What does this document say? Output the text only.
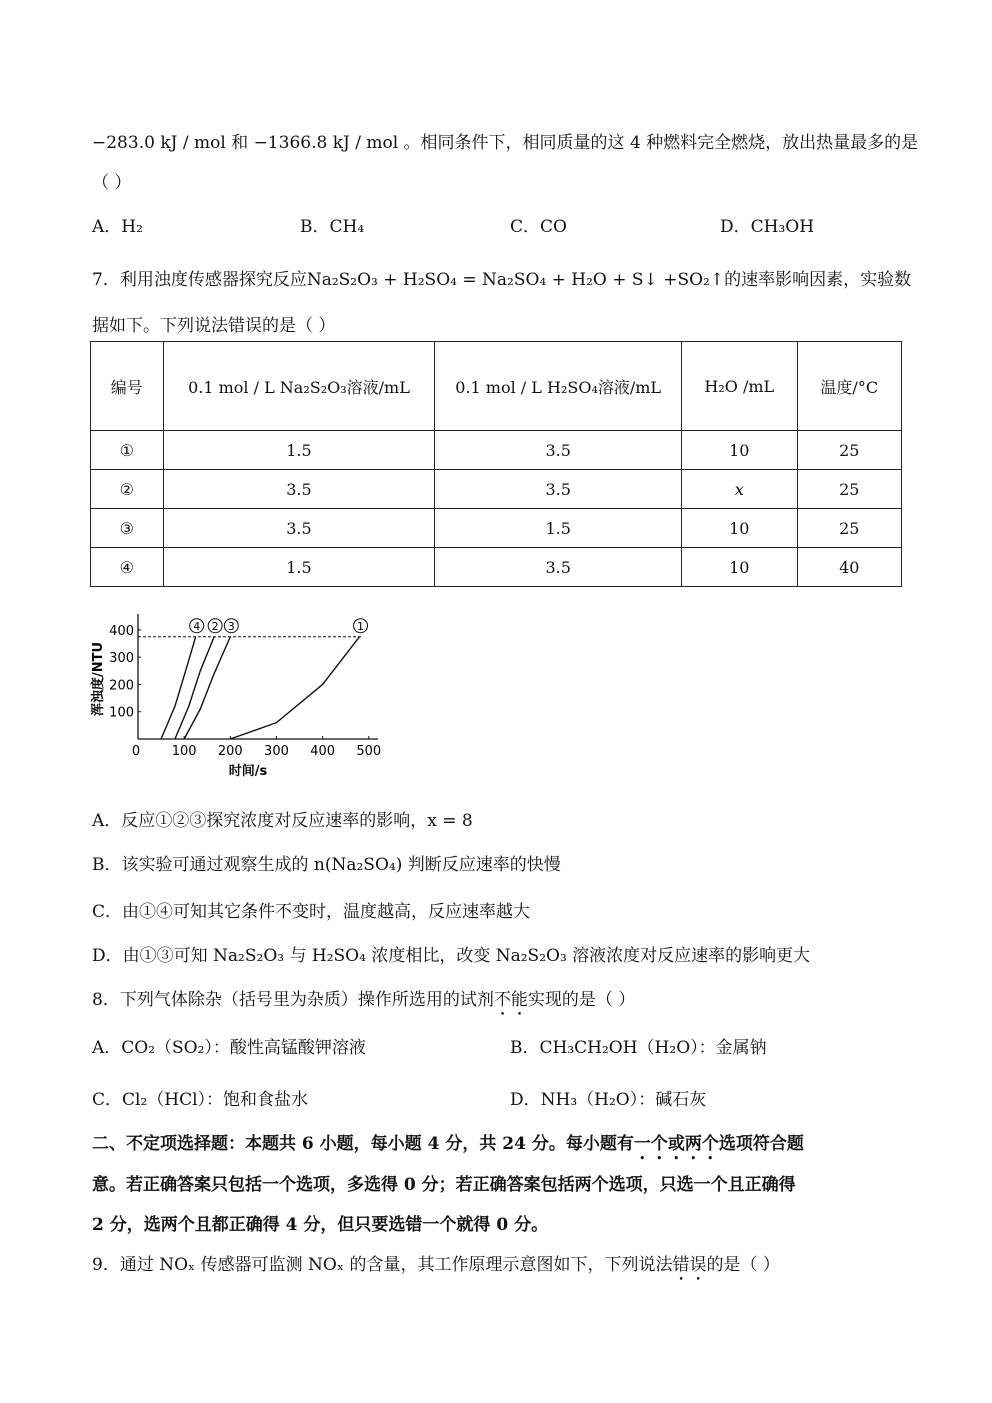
−283.0 kJ / mol 和 −1366.8 kJ / mol 。相同条件下，相同质量的这 4 种燃料完全燃烧，放出热量最多的是
（ ）
A．H₂	B．CH₄	C．CO	D．CH₃OH
7．利用浊度传感器探究反应Na₂S₂O₃ + H₂SO₄ = Na₂SO₄ + H₂O + S↓ +SO₂↑的速率影响因素，实验数
据如下。下列说法错误的是（ ）
编号	0.1 mol / L Na₂S₂O₃溶液/mL	0.1 mol / L H₂SO₄溶液/mL	H₂O /mL	温度/°C
①	1.5	3.5	10	25
②	3.5	3.5	x	25
③	3.5	1.5	10	25
④	1.5	3.5	10	40
0 100 200 300 400 500
100
200
300
400
时间/s
浑浊度/NTU
4 2 3	1
A．反应①②③探究浓度对反应速率的影响，x = 8
B．该实验可通过观察生成的 n(Na₂SO₄) 判断反应速率的快慢
C．由①④可知其它条件不变时，温度越高，反应速率越大
D．由①③可知 Na₂S₂O₃ 与 H₂SO₄ 浓度相比，改变 Na₂S₂O₃ 溶液浓度对反应速率的影响更大
8．下列气体除杂（括号里为杂质）操作所选用的试剂不能实现的是（ ）
A．CO₂（SO₂）：酸性高锰酸钾溶液	B．CH₃CH₂OH（H₂O）：金属钠
C．Cl₂（HCl）：饱和食盐水	D．NH₃（H₂O）：碱石灰
二、不定项选择题：本题共 6 小题，每小题 4 分，共 24 分。每小题有一个或两个选项符合题
意。若正确答案只包括一个选项，多选得 0 分；若正确答案包括两个选项，只选一个且正确得
2 分，选两个且都正确得 4 分，但只要选错一个就得 0 分。
9．通过 NOₓ 传感器可监测 NOₓ 的含量，其工作原理示意图如下，下列说法错误的是（ ）
